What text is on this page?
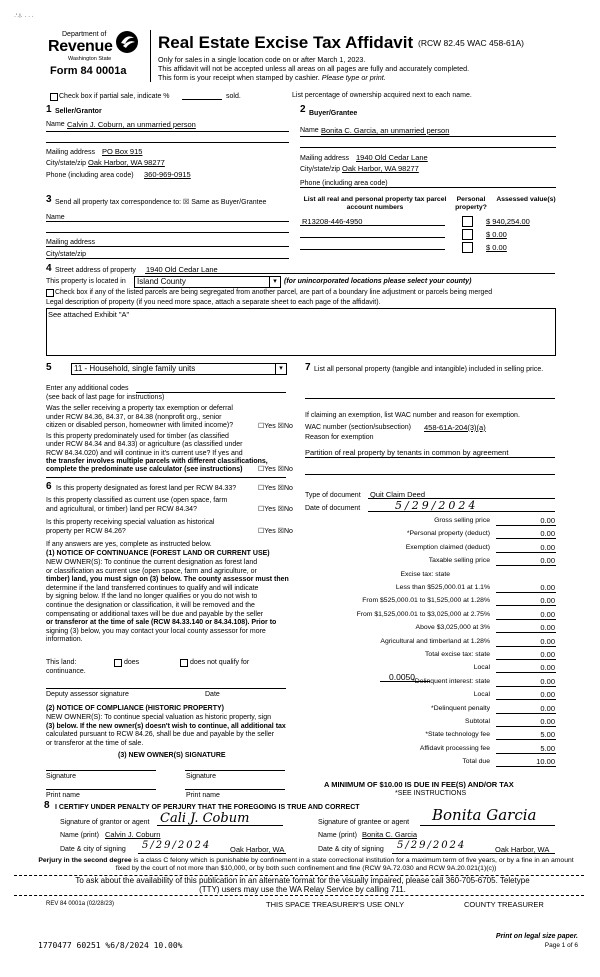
Department of
Revenue
Washington State
Form 84 0001a
Real Estate Excise Tax Affidavit (RCW 82.45 WAC 458-61A)
Only for sales in a single location code on or after March 1, 2023.
This affidavit will not be accepted unless all areas on all pages are fully and accurately completed.
This form is your receipt when stamped by cashier. Please type or print.
Check box if partial sale, indicate %	sold.	List percentage of ownership acquired next to each name.
1 Seller/Grantor
Name Calvin J. Coburn, an unmarried person
Mailing address PO Box 915
City/state/zip Oak Harbor, WA 98277
Phone (including area code) 360-969-0915
2 Buyer/Grantee
Name Bonita C. Garcia, an unmarried person
Mailing address 1940 Old Cedar Lane
City/state/zip Oak Harbor, WA 98277
Phone (including area code)
3 Send all property tax correspondence to: ☒ Same as Buyer/Grantee
Name
Mailing address
City/state/zip
List all real and personal property tax parcel account numbers
Personal property?
Assessed value(s)
R13208-446-4950	$ 940,254.00
$ 0.00
$ 0.00
4 Street address of property 1940 Old Cedar Lane
This property is located in Island County	▾	(for unincorporated locations please select your county)
Check box if any of the listed parcels are being segregated from another parcel, are part of a boundary line adjustment or parcels being merged
Legal description of property (if you need more space, attach a separate sheet to each page of the affidavit).
See attached Exhibit "A"
5	11 - Household, single family units	▾
Enter any additional codes
(see back of last page for instructions)
Was the seller receiving a property tax exemption or deferral
under RCW 84.36, 84.37, or 84.38 (nonprofit org., senior
citizen or disabled person, homeowner with limited income)?	☐Yes ☒No
Is this property predominately used for timber (as classified
under RCW 84.34 and 84.33) or agriculture (as classified under
RCW 84.34.020) and will continue in it's current use? If yes and
the transfer involves multiple parcels with different classifications,
complete the predominate use calculator (see instructions)	☐Yes ☒No
6 Is this property designated as forest land per RCW 84.33?	☐Yes ☒No
Is this property classified as current use (open space, farm
and agricultural, or timber) land per RCW 84.34?	☐Yes ☒No
Is this property receiving special valuation as historical
property per RCW 84.26?	☐Yes ☒No
If any answers are yes, complete as instructed below.
(1) NOTICE OF CONTINUANCE (FOREST LAND OR CURRENT USE)
NEW OWNER(S): To continue the current designation as forest land
or classification as current use (open space, farm and agriculture, or
timber) land, you must sign on (3) below. The county assessor must then
determine if the land transferred continues to qualify and will indicate
by signing below. If the land no longer qualifies or you do not wish to
continue the designation or classification, it will be removed and the
compensating or additional taxes will be due and payable by the seller
or transferor at the time of sale (RCW 84.33.140 or 84.34.108). Prior to
signing (3) below, you may contact your local county assessor for more
information.
This land:	does	does not qualify for
continuance.
Deputy assessor signature	Date
(2) NOTICE OF COMPLIANCE (HISTORIC PROPERTY)
NEW OWNER(S): To continue special valuation as historic property, sign
(3) below. If the new owner(s) doesn't wish to continue, all additional tax
calculated pursuant to RCW 84.26, shall be due and payable by the seller
or transferor at the time of sale.
(3) NEW OWNER(S) SIGNATURE
Signature	Signature
Print name	Print name
7 List all personal property (tangible and intangible) included in selling price.
If claiming an exemption, list WAC number and reason for exemption.
WAC number (section/subsection) 458-61A-204(3)(a)
Reason for exemption
Partition of real property by tenants in common by agreement
Type of document Quit Claim Deed
Date of document	5/29/2024
Gross selling price	0.00
*Personal property (deduct)	0.00
Exemption claimed (deduct)	0.00
Taxable selling price	0.00
Excise tax: state
Less than $525,000.01 at 1.1%	0.00
From $525,000.01 to $1,525,000 at 1.28%	0.00
From $1,525,000.01 to $3,025,000 at 2.75%	0.00
Above $3,025,000 at 3%	0.00
Agricultural and timberland at 1.28%	0.00
Total excise tax: state	0.00
Local	0.00
*Delinquent interest: state	0.00
Local	0.00
*Delinquent penalty	0.00
Subtotal	0.00
*State technology fee	5.00
Affidavit processing fee	5.00
Total due	10.00
0.0050
A MINIMUM OF $10.00 IS DUE IN FEE(S) AND/OR TAX
*SEE INSTRUCTIONS
8 I CERTIFY UNDER PENALTY OF PERJURY THAT THE FOREGOING IS TRUE AND CORRECT
Signature of grantor or agent Cali J. Cobum
Name (print) Calvin J. Coburn
Date & city of signing 5/29/2024 Oak Harbor, WA
Signature of grantee or agent Bonita Garcia
Name (print) Bonita C. Garcia
Date & city of signing 5/29/2024	Oak Harbor, WA
Perjury in the second degree is a class C felony which is punishable by confinement in a state correctional institution for a maximum term of five years, or by a fine in an amount fixed by the court of not more than $10,000, or by both such confinement and fine (RCW 9A.72.030 and RCW 9A.20.021(1)(c))
To ask about the availability of this publication in an alternate format for the visually impaired, please call 360-705-6705. Teletype
(TTY) users may use the WA Relay Service by calling 711.
REV 84 0001a (02/28/23)	THIS SPACE TREASURER'S USE ONLY	COUNTY TREASURER
1770477 60251 %6/8/2024 10.00%
Print on legal size paper.
Page 1 of 6
·'·!· · · ·
